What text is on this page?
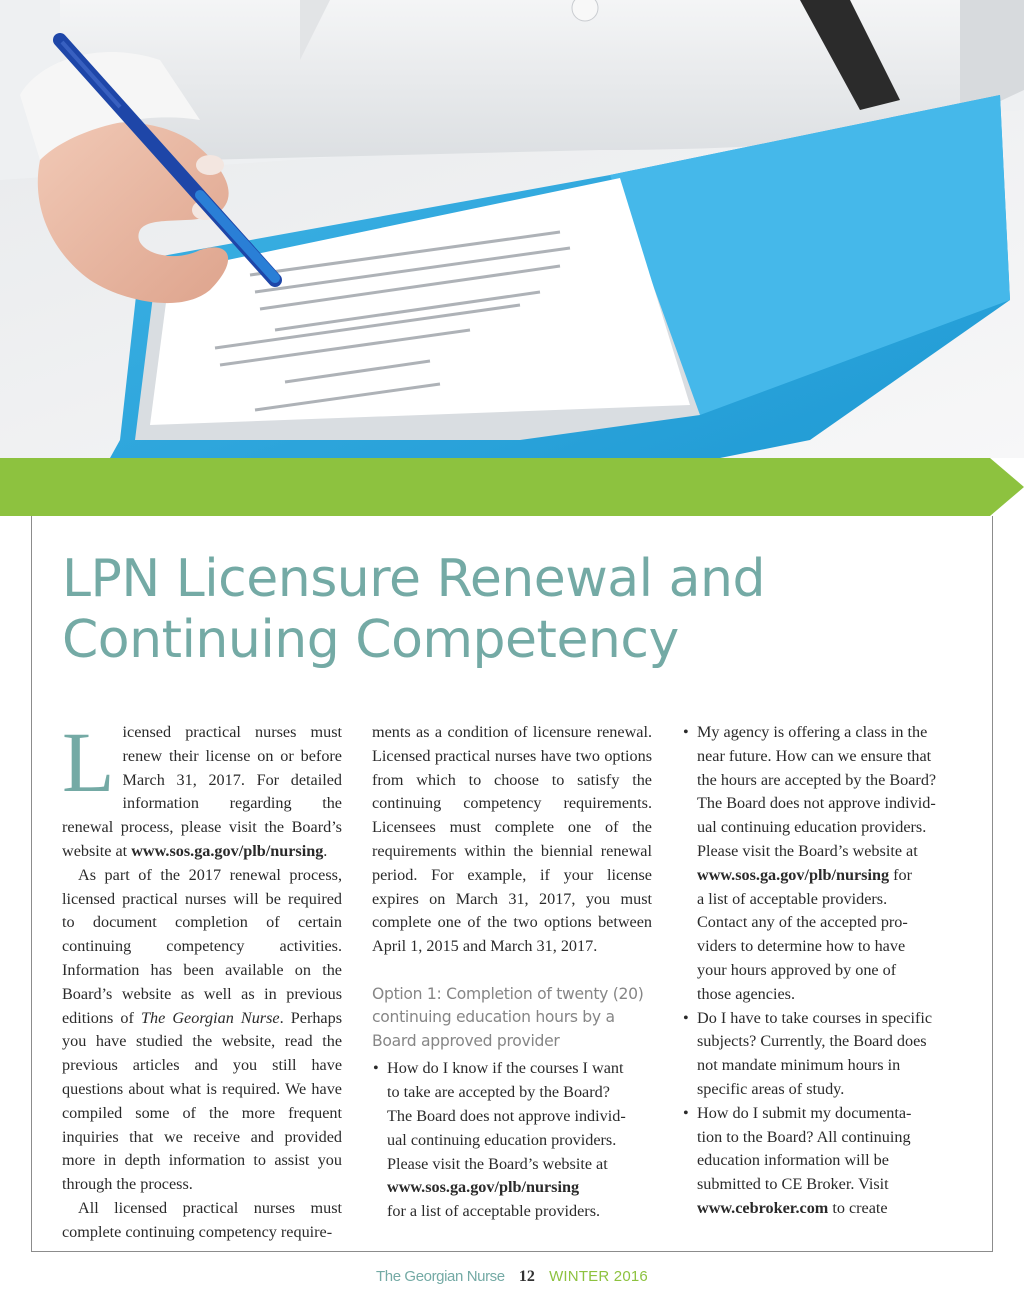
LPN Licensure Renewal and
Continuing Competency

Licensed practical nurses must renew their license on or before March 31, 2017. For detailed information regarding the renewal process, please visit the Board’s website at www.sos.ga.gov/plb/nursing.

As part of the 2017 renewal process, licensed practical nurses will be required to document completion of certain continuing competency activities. Information has been available on the Board’s website as well as in previous editions of The Georgian Nurse. Perhaps you have studied the website, read the previous articles and you still have questions about what is required. We have compiled some of the more frequent inquiries that we receive and provided more in depth information to assist you through the process.

All licensed practical nurses must complete continuing competency require-

ments as a condition of licensure renewal. Licensed practical nurses have two options from which to choose to satisfy the continuing competency requirements. Licensees must complete one of the requirements within the biennial renewal period. For example, if your license expires on March 31, 2017, you must complete one of the two options between April 1, 2015 and March 31, 2017.

Option 1: Completion of twenty (20)
continuing education hours by a
Board approved provider

• How do I know if the courses I want
to take are accepted by the Board?
The Board does not approve individ-
ual continuing education providers.
Please visit the Board’s website at
www.sos.ga.gov/plb/nursing
for a list of acceptable providers.
• My agency is offering a class in the
near future. How can we ensure that
the hours are accepted by the Board?
The Board does not approve individ-
ual continuing education providers.
Please visit the Board’s website at
www.sos.ga.gov/plb/nursing for
a list of acceptable providers.
Contact any of the accepted pro-
viders to determine how to have
your hours approved by one of
those agencies.
• Do I have to take courses in specific
subjects? Currently, the Board does
not mandate minimum hours in
specific areas of study.
• How do I submit my documenta-
tion to the Board? All continuing
education information will be
submitted to CE Broker. Visit
www.cebroker.com to create
The Georgian Nurse 12 WINTER 2016
